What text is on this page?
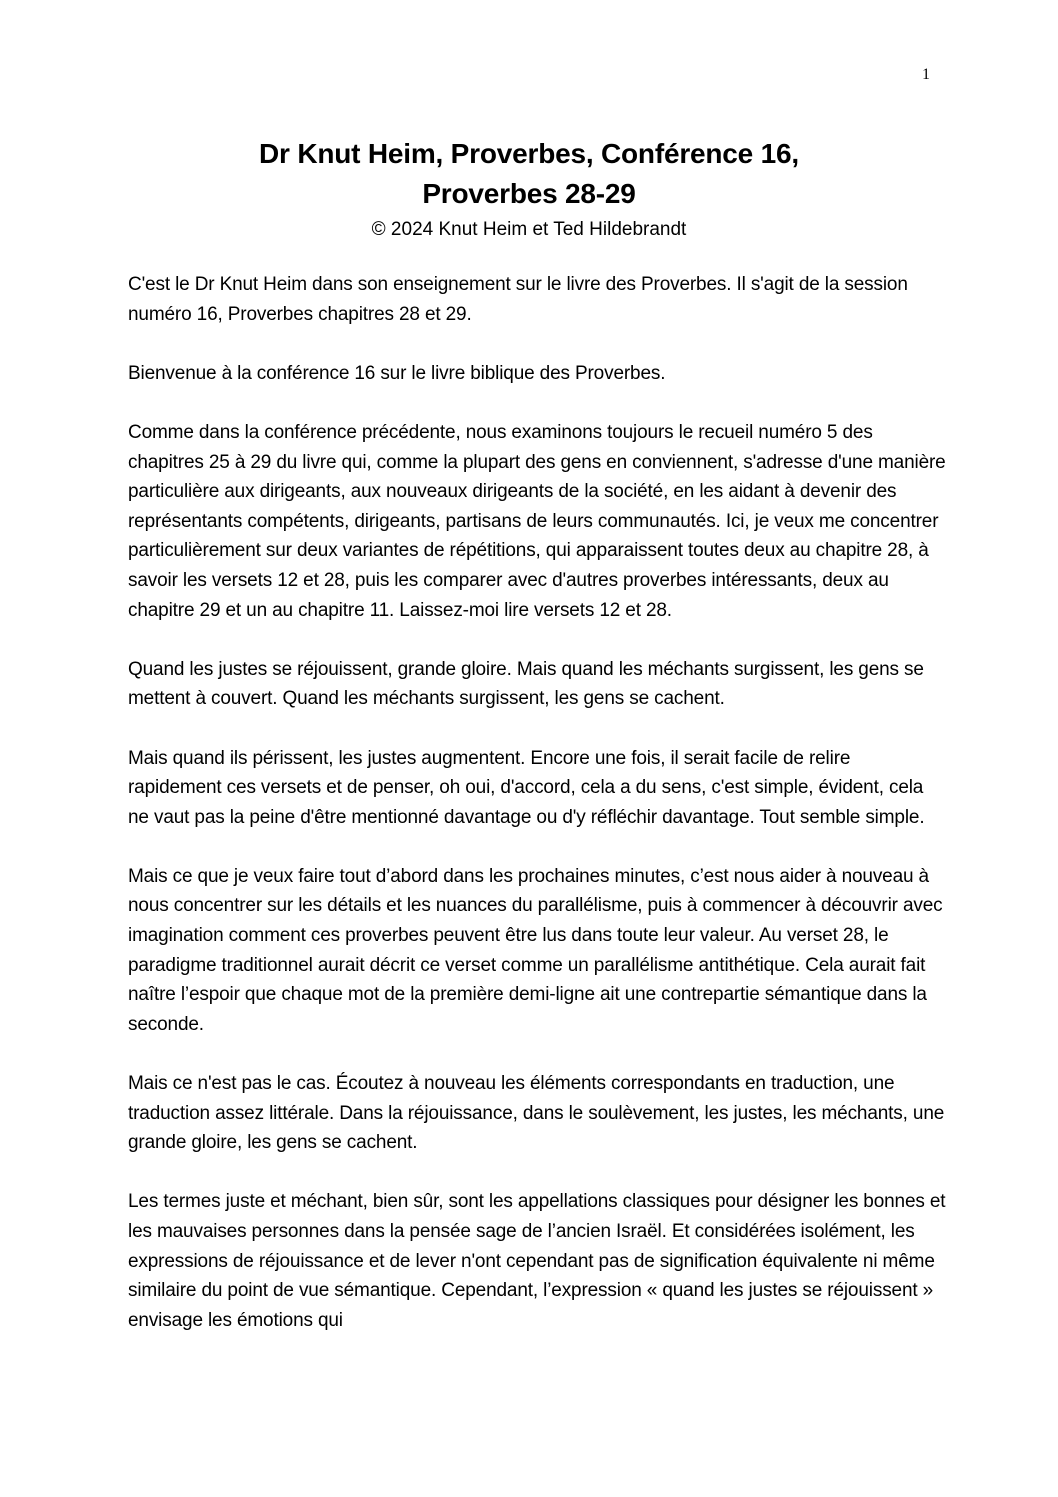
1
Dr Knut Heim, Proverbes, Conférence 16,
Proverbes 28-29
© 2024 Knut Heim et Ted Hildebrandt

C'est le Dr Knut Heim dans son enseignement sur le livre des Proverbes. Il s'agit de la session numéro 16, Proverbes chapitres 28 et 29.

Bienvenue à la conférence 16 sur le livre biblique des Proverbes.

Comme dans la conférence précédente, nous examinons toujours le recueil numéro 5 des chapitres 25 à 29 du livre qui, comme la plupart des gens en conviennent, s'adresse d'une manière particulière aux dirigeants, aux nouveaux dirigeants de la société, en les aidant à devenir des représentants compétents, dirigeants, partisans de leurs communautés. Ici, je veux me concentrer particulièrement sur deux variantes de répétitions, qui apparaissent toutes deux au chapitre 28, à savoir les versets 12 et 28, puis les comparer avec d'autres proverbes intéressants, deux au chapitre 29 et un au chapitre 11. Laissez-moi lire versets 12 et 28.

Quand les justes se réjouissent, grande gloire. Mais quand les méchants surgissent, les gens se mettent à couvert. Quand les méchants surgissent, les gens se cachent.

Mais quand ils périssent, les justes augmentent. Encore une fois, il serait facile de relire rapidement ces versets et de penser, oh oui, d'accord, cela a du sens, c'est simple, évident, cela ne vaut pas la peine d'être mentionné davantage ou d'y réfléchir davantage. Tout semble simple.

Mais ce que je veux faire tout d’abord dans les prochaines minutes, c’est nous aider à nouveau à nous concentrer sur les détails et les nuances du parallélisme, puis à commencer à découvrir avec imagination comment ces proverbes peuvent être lus dans toute leur valeur. Au verset 28, le paradigme traditionnel aurait décrit ce verset comme un parallélisme antithétique. Cela aurait fait naître l’espoir que chaque mot de la première demi-ligne ait une contrepartie sémantique dans la seconde.

Mais ce n'est pas le cas. Écoutez à nouveau les éléments correspondants en traduction, une traduction assez littérale. Dans la réjouissance, dans le soulèvement, les justes, les méchants, une grande gloire, les gens se cachent.

Les termes juste et méchant, bien sûr, sont les appellations classiques pour désigner les bonnes et les mauvaises personnes dans la pensée sage de l’ancien Israël. Et considérées isolément, les expressions de réjouissance et de lever n'ont cependant pas de signification équivalente ni même similaire du point de vue sémantique. Cependant, l’expression « quand les justes se réjouissent » envisage les émotions qui
